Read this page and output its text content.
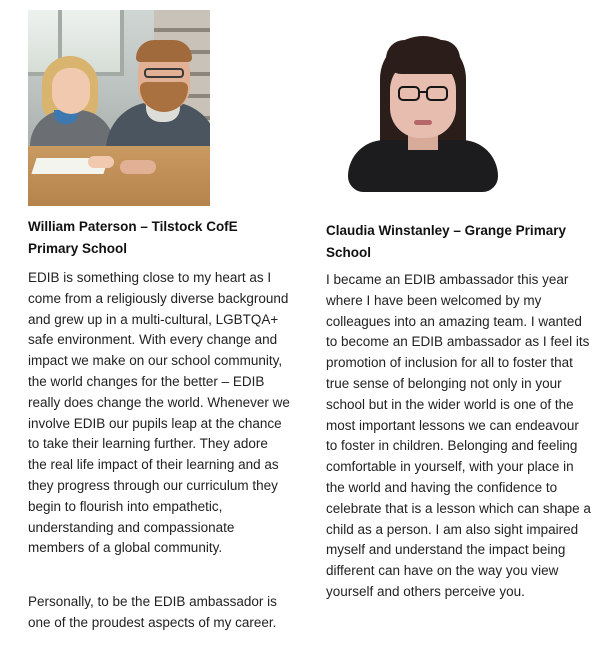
William Paterson – Tilstock CofE Primary School

EDIB is something close to my heart as I come from a religiously diverse background and grew up in a multi-cultural, LGBTQA+ safe environment. With every change and impact we make on our school community, the world changes for the better – EDIB really does change the world. Whenever we involve EDIB our pupils leap at the chance to take their learning further. They adore the real life impact of their learning and as they progress through our curriculum they begin to flourish into empathetic, understanding and compassionate members of a global community.

Personally, to be the EDIB ambassador is one of the proudest aspects of my career.

Claudia Winstanley – Grange Primary School

I became an EDIB ambassador this year where I have been welcomed by my colleagues into an amazing team. I wanted to become an EDIB ambassador as I feel its promotion of inclusion for all to foster that true sense of belonging not only in your school but in the wider world is one of the most important lessons we can endeavour to foster in children. Belonging and feeling comfortable in yourself, with your place in the world and having the confidence to celebrate that is a lesson which can shape a child as a person. I am also sight impaired myself and understand the impact being different can have on the way you view yourself and others perceive you.
